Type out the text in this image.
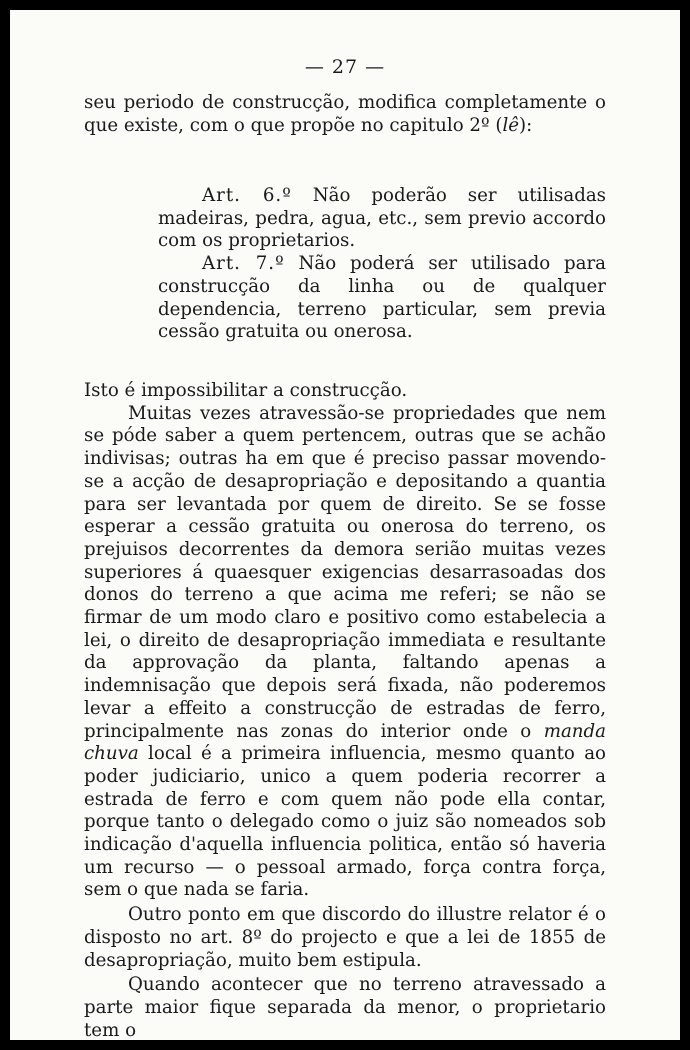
— 27 —

seu periodo de construcção, modifica completamente o que existe, com o que propõe no capitulo 2º (lê):

Art. 6.º Não poderão ser utilisadas madeiras, pedra, agua, etc., sem previo accordo com os proprietarios.

Art. 7.º Não poderá ser utilisado para construcção da linha ou de qualquer dependencia, terreno particular, sem previa cessão gratuita ou onerosa.

Isto é impossibilitar a construcção.

Muitas vezes atravessão-se propriedades que nem se póde saber a quem pertencem, outras que se achão indivisas; outras ha em que é preciso passar movendo-se a acção de desapropriação e depositando a quantia para ser levantada por quem de direito. Se se fosse esperar a cessão gratuita ou onerosa do terreno, os prejuisos decorrentes da demora serião muitas vezes superiores á quaesquer exigencias desarrasoadas dos donos do terreno a que acima me referi; se não se firmar de um modo claro e positivo como estabelecia a lei, o direito de desapropriação immediata e resultante da approvação da planta, faltando apenas a indemnisação que depois será fixada, não poderemos levar a effeito a construcção de estradas de ferro, principalmente nas zonas do interior onde o manda chuva local é a primeira influencia, mesmo quanto ao poder judiciario, unico a quem poderia recorrer a estrada de ferro e com quem não pode ella contar, porque tanto o delegado como o juiz são nomeados sob indicação d'aquella influencia politica, então só haveria um recurso — o pessoal armado, força contra força, sem o que nada se faria.

Outro ponto em que discordo do illustre relator é o disposto no art. 8º do projecto e que a lei de 1855 de desapropriação, muito bem estipula.

Quando acontecer que no terreno atravessado a parte maior fique separada da menor, o proprietario tem o
